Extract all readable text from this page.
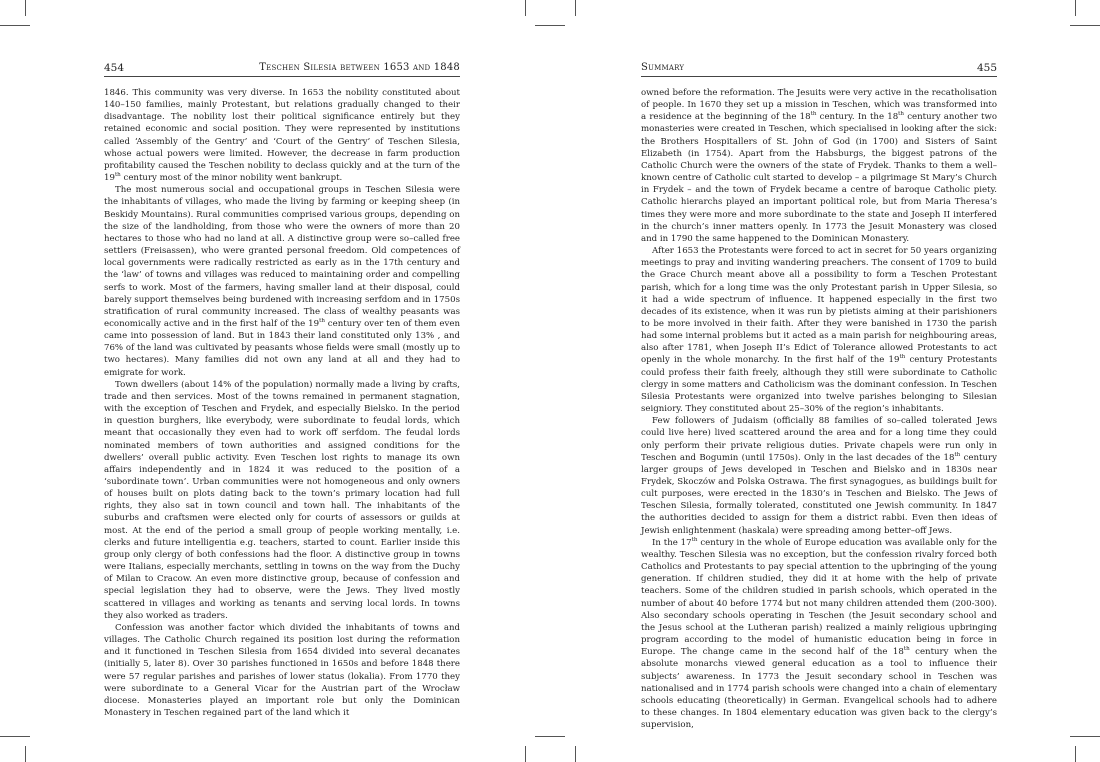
454	Teschen Silesia between 1653 and 1848

1846. This community was very diverse. In 1653 the nobility constituted about 140–150 families, mainly Protestant, but relations gradually changed to their disadvantage. The nobility lost their political significance entirely but they retained economic and social position. They were represented by institutions called ‘Assembly of the Gentry’ and ‘Court of the Gentry’ of Teschen Silesia, whose actual powers were limited. However, the decrease in farm production profitability caused the Teschen nobility to declass quickly and at the turn of the 19th century most of the minor nobility went bankrupt.

The most numerous social and occupational groups in Teschen Silesia were the inhabitants of villages, who made the living by farming or keeping sheep (in Beskidy Mountains). Rural communities comprised various groups, depending on the size of the landholding, from those who were the owners of more than 20 hectares to those who had no land at all. A distinctive group were so–called free settlers (Freisassen), who were granted personal freedom. Old competences of local governments were radically restricted as early as in the 17th century and the ‘law’ of towns and villages was reduced to maintaining order and compelling serfs to work. Most of the farmers, having smaller land at their disposal, could barely support themselves being burdened with increasing serfdom and in 1750s stratification of rural community increased. The class of wealthy peasants was economically active and in the first half of the 19th century over ten of them even came into possession of land. But in 1843 their land constituted only 13% , and 76% of the land was cultivated by peasants whose fields were small (mostly up to two hectares). Many families did not own any land at all and they had to emigrate for work.

Town dwellers (about 14% of the population) normally made a living by crafts, trade and then services. Most of the towns remained in permanent stagnation, with the exception of Teschen and Frydek, and especially Bielsko. In the period in question burghers, like everybody, were subordinate to feudal lords, which meant that occasionally they even had to work off serfdom. The feudal lords nominated members of town authorities and assigned conditions for the dwellers’ overall public activity. Even Teschen lost rights to manage its own affairs independently and in 1824 it was reduced to the position of a ‘subordinate town’. Urban communities were not homogeneous and only owners of houses built on plots dating back to the town’s primary location had full rights, they also sat in town council and town hall. The inhabitants of the suburbs and craftsmen were elected only for courts of assessors or guilds at most. At the end of the period a small group of people working mentally, i.e. clerks and future intelligentia e.g. teachers, started to count. Earlier inside this group only clergy of both confessions had the floor. A distinctive group in towns were Italians, especially merchants, settling in towns on the way from the Duchy of Milan to Cracow. An even more distinctive group, because of confession and special legislation they had to observe, were the Jews. They lived mostly scattered in villages and working as tenants and serving local lords. In towns they also worked as traders.

Confession was another factor which divided the inhabitants of towns and villages. The Catholic Church regained its position lost during the reformation and it functioned in Teschen Silesia from 1654 divided into several decanates (initially 5, later 8). Over 30 parishes functioned in 1650s and before 1848 there were 57 regular parishes and parishes of lower status (lokalia). From 1770 they were subordinate to a General Vicar for the Austrian part of the Wrocław diocese. Monasteries played an important role but only the Dominican Monastery in Teschen regained part of the land which it

Summary	455

owned before the reformation. The Jesuits were very active in the recatholisation of people. In 1670 they set up a mission in Teschen, which was transformed into a residence at the beginning of the 18th century. In the 18th century another two monasteries were created in Teschen, which specialised in looking after the sick: the Brothers Hospitallers of St. John of God (in 1700) and Sisters of Saint Elizabeth (in 1754). Apart from the Habsburgs, the biggest patrons of the Catholic Church were the owners of the state of Frydek. Thanks to them a well–known centre of Catholic cult started to develop – a pilgrimage St Mary’s Church in Frydek – and the town of Frydek became a centre of baroque Catholic piety. Catholic hierarchs played an important political role, but from Maria Theresa’s times they were more and more subordinate to the state and Joseph II interfered in the church’s inner matters openly. In 1773 the Jesuit Monastery was closed and in 1790 the same happened to the Dominican Monastery.

After 1653 the Protestants were forced to act in secret for 50 years organizing meetings to pray and inviting wandering preachers. The consent of 1709 to build the Grace Church meant above all a possibility to form a Teschen Protestant parish, which for a long time was the only Protestant parish in Upper Silesia, so it had a wide spectrum of influence. It happened especially in the first two decades of its existence, when it was run by pietists aiming at their parishioners to be more involved in their faith. After they were banished in 1730 the parish had some internal problems but it acted as a main parish for neighbouring areas, also after 1781, when Joseph II’s Edict of Tolerance allowed Protestants to act openly in the whole monarchy. In the first half of the 19th century Protestants could profess their faith freely, although they still were subordinate to Catholic clergy in some matters and Catholicism was the dominant confession. In Teschen Silesia Protestants were organized into twelve parishes belonging to Silesian seigniory. They constituted about 25–30% of the region’s inhabitants.

Few followers of Judaism (officially 88 families of so–called tolerated Jews could live here) lived scattered around the area and for a long time they could only perform their private religious duties. Private chapels were run only in Teschen and Bogumin (until 1750s). Only in the last decades of the 18th century larger groups of Jews developed in Teschen and Bielsko and in 1830s near Frydek, Skoczów and Polska Ostrawa. The first synagogues, as buildings built for cult purposes, were erected in the 1830’s in Teschen and Bielsko. The Jews of Teschen Silesia, formally tolerated, constituted one Jewish community. In 1847 the authorities decided to assign for them a district rabbi. Even then ideas of Jewish enlightenment (haskala) were spreading among better–off Jews.

In the 17th century in the whole of Europe education was available only for the wealthy. Teschen Silesia was no exception, but the confession rivalry forced both Catholics and Protestants to pay special attention to the upbringing of the young generation. If children studied, they did it at home with the help of private teachers. Some of the children studied in parish schools, which operated in the number of about 40 before 1774 but not many children attended them (200-300). Also secondary schools operating in Teschen (the Jesuit secondary school and the Jesus school at the Lutheran parish) realized a mainly religious upbringing program according to the model of humanistic education being in force in Europe. The change came in the second half of the 18th century when the absolute monarchs viewed general education as a tool to influence their subjects’ awareness. In 1773 the Jesuit secondary school in Teschen was nationalised and in 1774 parish schools were changed into a chain of elementary schools educating (theoretically) in German. Evangelical schools had to adhere to these changes. In 1804 elementary education was given back to the clergy’s supervision,
